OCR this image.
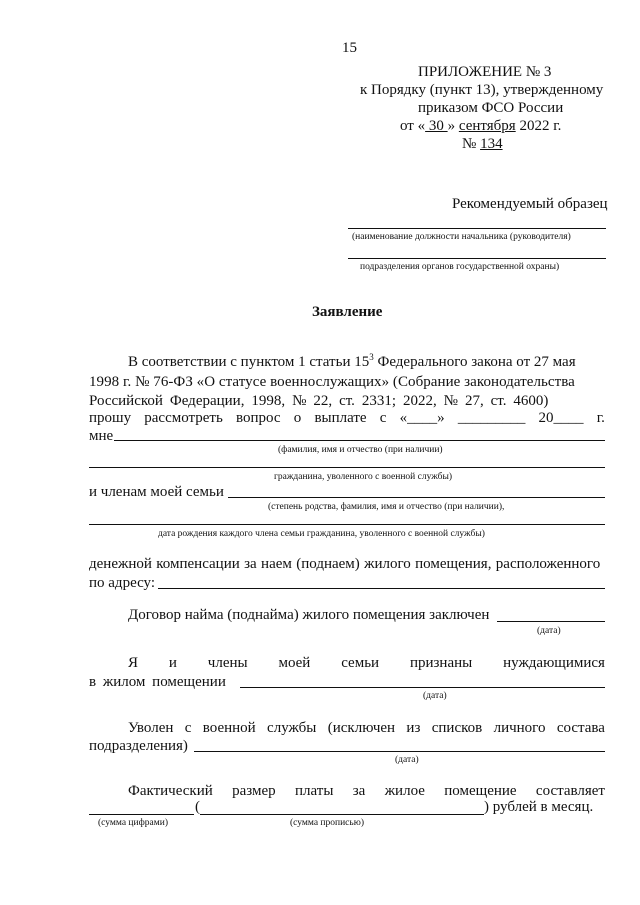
15
ПРИЛОЖЕНИЕ № 3
к Порядку (пункт 13), утвержденному
приказом ФСО России
от « 30 » сентября 2022 г.
№ 134
Рекомендуемый образец
(наименование должности начальника (руководителя)
подразделения органов государственной охраны)
Заявление
В соответствии с пунктом 1 статьи $15^3$ Федерального закона от 27 мая
1998 г. № 76-ФЗ «О статусе военнослужащих» (Собрание законодательства
Российской Федерации, 1998, № 22, ст. 2331; 2022, № 27, ст. 4600)
прошу рассмотреть вопрос о выплате с «____» _________ 20____ г.
мне
(фамилия, имя и отчество (при наличии)
гражданина, уволенного с военной службы)
и членам моей семьи
(степень родства, фамилия, имя и отчество (при наличии),
дата рождения каждого члена семьи гражданина, уволенного с военной службы)
денежной компенсации за наем (поднаем) жилого помещения, расположенного
по адресу:
Договор найма (поднайма) жилого помещения заключен
(дата)
Я и члены моей семьи признаны нуждающимися
в жилом помещении
(дата)
Уволен с военной службы (исключен из списков личного состава
подразделения)
(дата)
Фактический размер платы за жилое помещение составляет
(	) рублей в месяц.
(сумма цифрами)	(сумма прописью)
